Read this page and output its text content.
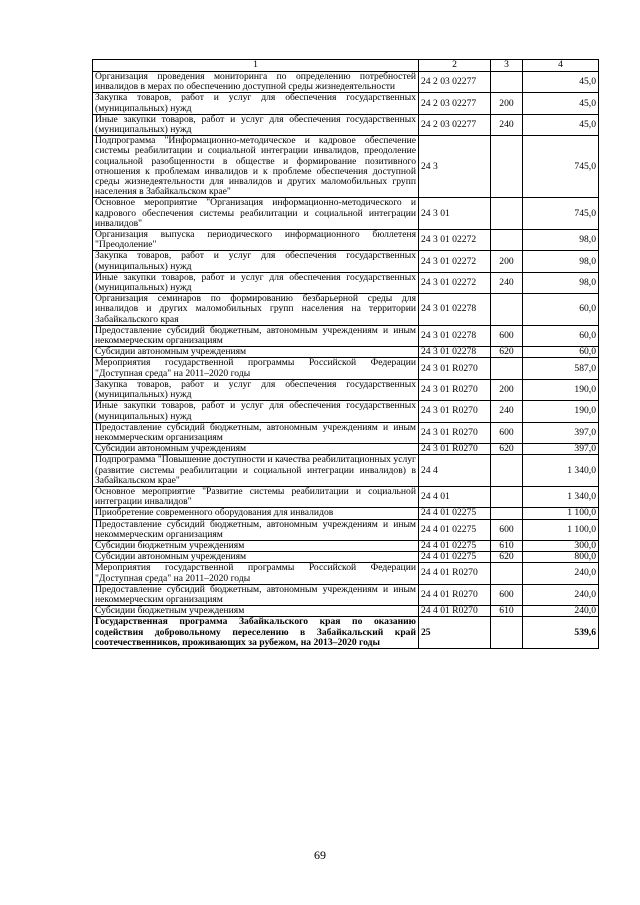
1	2	3	4
Организация проведения мониторинга по определению потребностей инвалидов в мерах по обеспечению доступной среды жизнедеятельности	24 2 03 02277		45,0
Закупка товаров, работ и услуг для обеспечения государственных (муниципальных) нужд	24 2 03 02277	200	45,0
Иные закупки товаров, работ и услуг для обеспечения государственных (муниципальных) нужд	24 2 03 02277	240	45,0
Подпрограмма "Информационно-методическое и кадровое обеспечение системы реабилитации и социальной интеграции инвалидов, преодоление социальной разобщенности в обществе и формирование позитивного отношения к проблемам инвалидов и к проблеме обеспечения доступной среды жизнедеятельности для инвалидов и других маломобильных групп населения в Забайкальском крае"	24 3		745,0
Основное мероприятие "Организация информационно-методического и кадрового обеспечения системы реабилитации и социальной интеграции инвалидов"	24 3 01		745,0
Организация выпуска периодического информационного бюллетеня "Преодоление"	24 3 01 02272		98,0
Закупка товаров, работ и услуг для обеспечения государственных (муниципальных) нужд	24 3 01 02272	200	98,0
Иные закупки товаров, работ и услуг для обеспечения государственных (муниципальных) нужд	24 3 01 02272	240	98,0
Организация семинаров по формированию безбарьерной среды для инвалидов и других маломобильных групп населения на территории Забайкальского края	24 3 01 02278		60,0
Предоставление субсидий бюджетным, автономным учреждениям и иным некоммерческим организациям	24 3 01 02278	600	60,0
Субсидии автономным учреждениям	24 3 01 02278	620	60,0
Мероприятия государственной программы Российской Федерации "Доступная среда" на 2011–2020 годы	24 3 01 R0270		587,0
Закупка товаров, работ и услуг для обеспечения государственных (муниципальных) нужд	24 3 01 R0270	200	190,0
Иные закупки товаров, работ и услуг для обеспечения государственных (муниципальных) нужд	24 3 01 R0270	240	190,0
Предоставление субсидий бюджетным, автономным учреждениям и иным некоммерческим организациям	24 3 01 R0270	600	397,0
Субсидии автономным учреждениям	24 3 01 R0270	620	397,0
Подпрограмма "Повышение доступности и качества реабилитационных услуг (развитие системы реабилитации и социальной интеграции инвалидов) в Забайкальском крае"	24 4		1 340,0
Основное мероприятие "Развитие системы реабилитации и социальной интеграции инвалидов"	24 4 01		1 340,0
Приобретение современного оборудования для инвалидов	24 4 01 02275		1 100,0
Предоставление субсидий бюджетным, автономным учреждениям и иным некоммерческим организациям	24 4 01 02275	600	1 100,0
Субсидии бюджетным учреждениям	24 4 01 02275	610	300,0
Субсидии автономным учреждениям	24 4 01 02275	620	800,0
Мероприятия государственной программы Российской Федерации "Доступная среда" на 2011–2020 годы	24 4 01 R0270		240,0
Предоставление субсидий бюджетным, автономным учреждениям и иным некоммерческим организациям	24 4 01 R0270	600	240,0
Субсидии бюджетным учреждениям	24 4 01 R0270	610	240,0
Государственная программа Забайкальского края по оказанию содействия добровольному переселению в Забайкальский край соотечественников, проживающих за рубежом, на 2013–2020 годы	25		539,6
69
